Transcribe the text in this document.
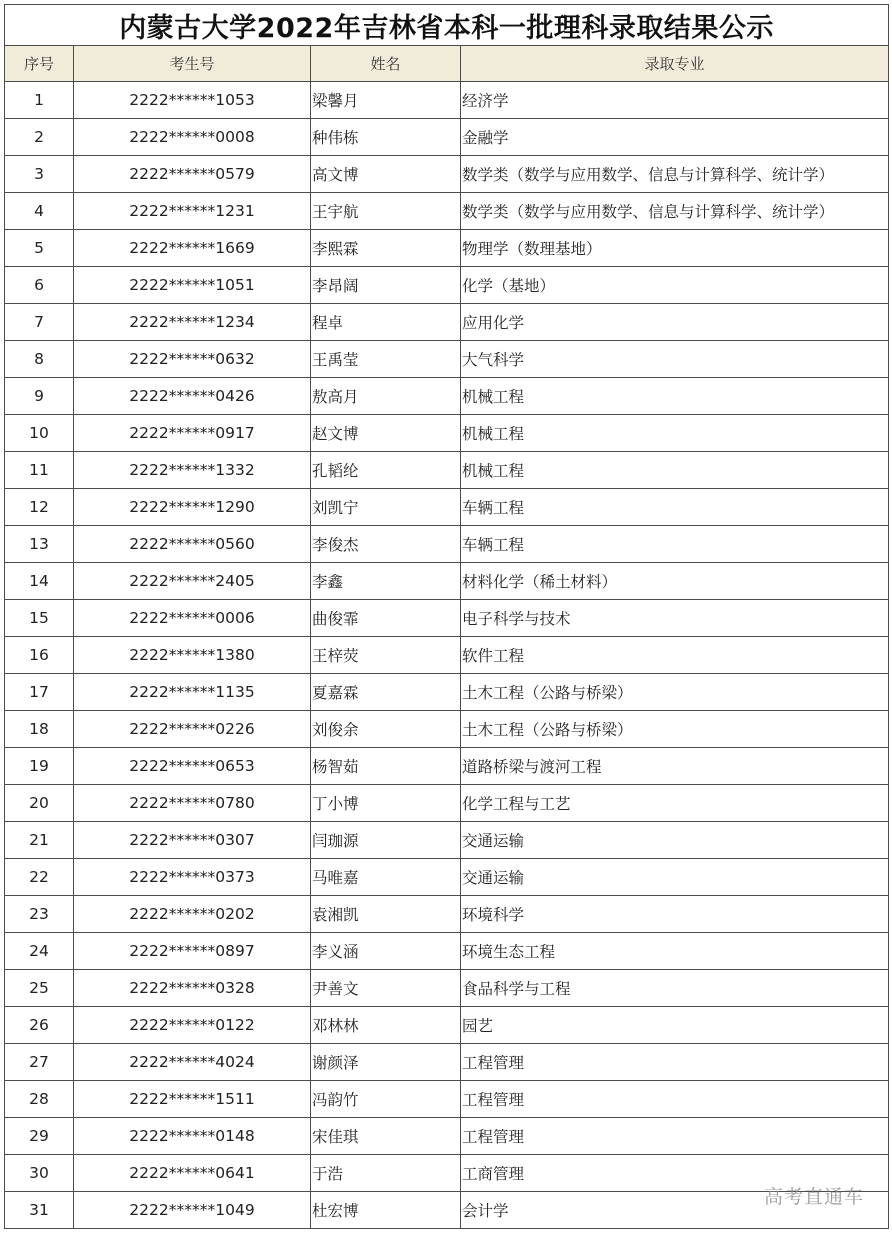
内蒙古大学2022年吉林省本科一批理科录取结果公示			
序号	考生号	姓名	录取专业
1	2222******1053	梁馨月	经济学
2	2222******0008	种伟栋	金融学
3	2222******0579	高文博	数学类（数学与应用数学、信息与计算科学、统计学）
4	2222******1231	王宇航	数学类（数学与应用数学、信息与计算科学、统计学）
5	2222******1669	李熙霖	物理学（数理基地）
6	2222******1051	李昂阔	化学（基地）
7	2222******1234	程卓	应用化学
8	2222******0632	王禹莹	大气科学
9	2222******0426	敖高月	机械工程
10	2222******0917	赵文博	机械工程
11	2222******1332	孔韬纶	机械工程
12	2222******1290	刘凯宁	车辆工程
13	2222******0560	李俊杰	车辆工程
14	2222******2405	李鑫	材料化学（稀土材料）
15	2222******0006	曲俊霏	电子科学与技术
16	2222******1380	王梓荧	软件工程
17	2222******1135	夏嘉霖	土木工程（公路与桥梁）
18	2222******0226	刘俊余	土木工程（公路与桥梁）
19	2222******0653	杨智茹	道路桥梁与渡河工程
20	2222******0780	丁小博	化学工程与工艺
21	2222******0307	闫珈源	交通运输
22	2222******0373	马唯嘉	交通运输
23	2222******0202	袁湘凯	环境科学
24	2222******0897	李义涵	环境生态工程
25	2222******0328	尹善文	食品科学与工程
26	2222******0122	邓林林	园艺
27	2222******4024	谢颜泽	工程管理
28	2222******1511	冯韵竹	工程管理
29	2222******0148	宋佳琪	工程管理
30	2222******0641	于浩	工商管理
31	2222******1049	杜宏博	会计学
高考直通车
